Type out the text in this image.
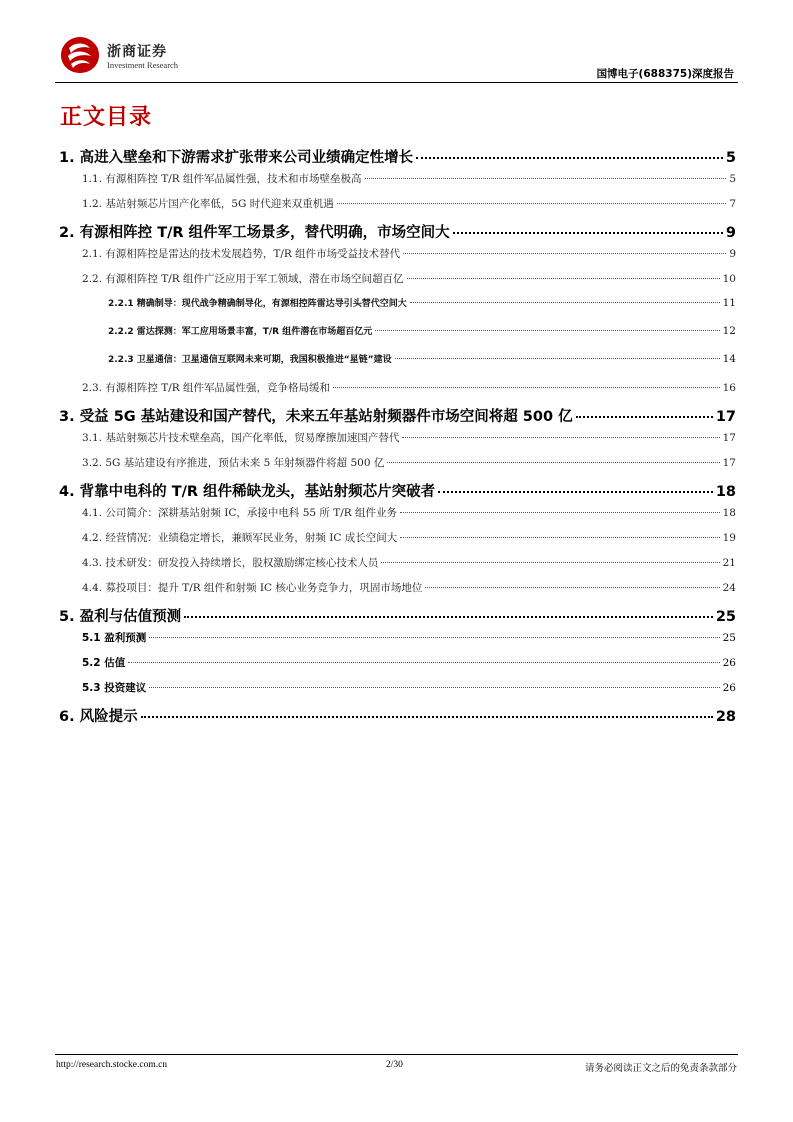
浙商证券
Investment Research
国博电子(688375)深度报告
正文目录
1. 高进入壁垒和下游需求扩张带来公司业绩确定性增长	5
1.1. 有源相阵控 T/R 组件军品属性强，技术和市场壁垒极高	5
1.2. 基站射频芯片国产化率低，5G 时代迎来双重机遇	7
2. 有源相阵控 T/R 组件军工场景多，替代明确，市场空间大	9
2.1. 有源相阵控是雷达的技术发展趋势，T/R 组件市场受益技术替代	9
2.2. 有源相阵控 T/R 组件广泛应用于军工领域，潜在市场空间超百亿	10
2.2.1 精确制导：现代战争精确制导化，有源相控阵雷达导引头替代空间大	11
2.2.2 雷达探测：军工应用场景丰富，T/R 组件潜在市场超百亿元	12
2.2.3 卫星通信：卫星通信互联网未来可期，我国积极推进“星链”建设	14
2.3. 有源相阵控 T/R 组件军品属性强，竞争格局缓和	16
3. 受益 5G 基站建设和国产替代，未来五年基站射频器件市场空间将超 500 亿	17
3.1. 基站射频芯片技术壁垒高，国产化率低，贸易摩擦加速国产替代	17
3.2. 5G 基站建设有序推进，预估未来 5 年射频器件将超 500 亿	17
4. 背靠中电科的 T/R 组件稀缺龙头，基站射频芯片突破者	18
4.1. 公司简介：深耕基站射频 IC，承接中电科 55 所 T/R 组件业务	18
4.2. 经营情况：业绩稳定增长，兼顾军民业务，射频 IC 成长空间大	19
4.3. 技术研发：研发投入持续增长，股权激励绑定核心技术人员	21
4.4. 募投项目：提升 T/R 组件和射频 IC 核心业务竞争力，巩固市场地位	24
5. 盈利与估值预测	25
5.1 盈利预测	25
5.2 估值	26
5.3 投资建议	26
6. 风险提示	28
http://research.stocke.com.cn	2/30	请务必阅读正文之后的免责条款部分
